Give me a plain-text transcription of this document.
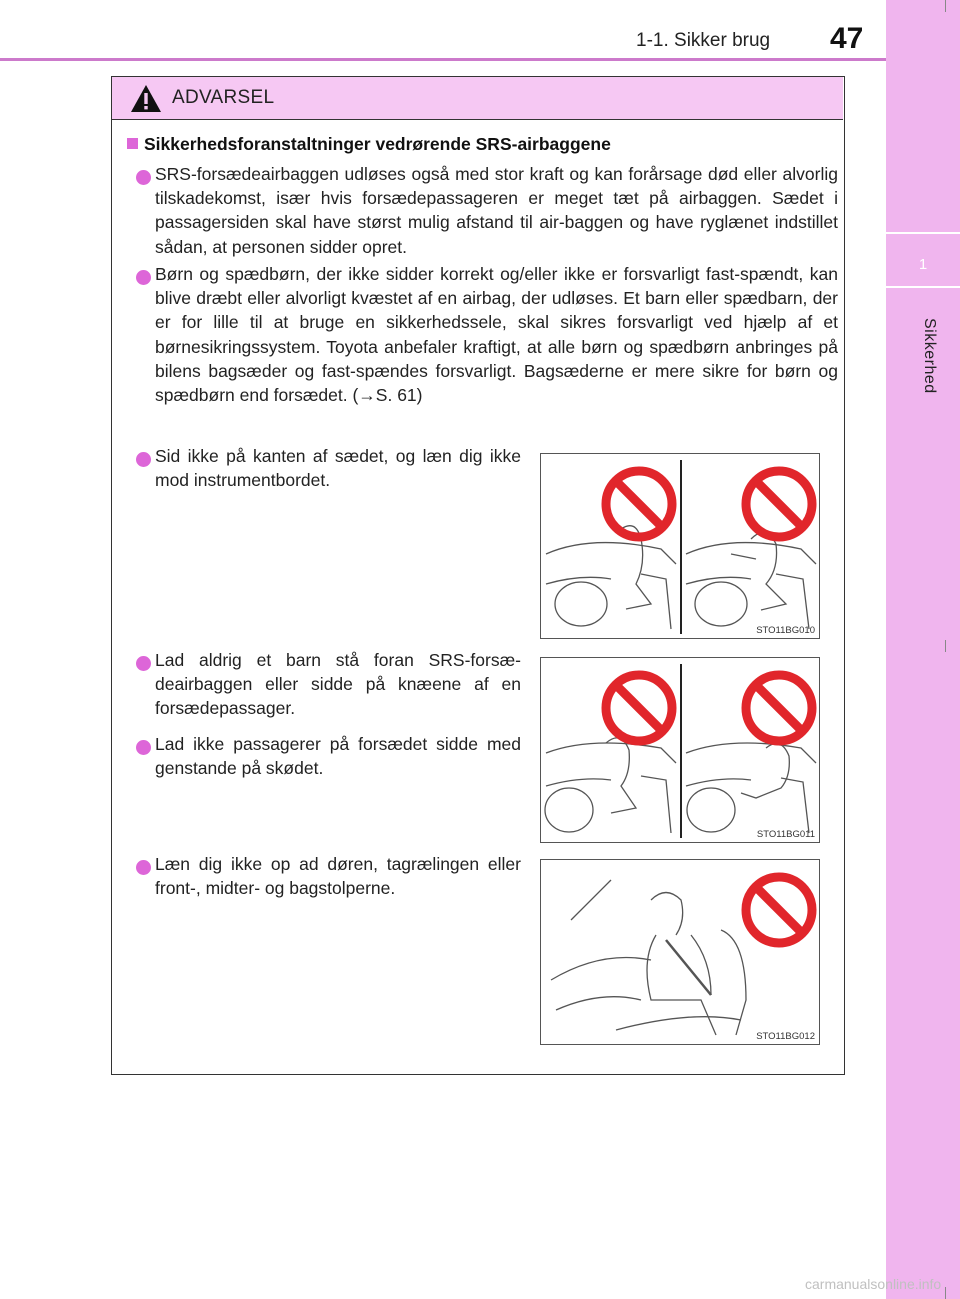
1-1. Sikker brug 47
1
Sikkerhed
ADVARSEL
Sikkerhedsforanstaltninger vedrørende SRS-airbaggene
SRS-forsædeairbaggen udløses også med stor kraft og kan forårsage død eller alvorlig tilskadekomst, især hvis forsædepassageren er meget tæt på airbaggen. Sædet i passagersiden skal have størst mulig afstand til air-baggen og have ryglænet indstillet sådan, at personen sidder opret.
Børn og spædbørn, der ikke sidder korrekt og/eller ikke er forsvarligt fast-spændt, kan blive dræbt eller alvorligt kvæstet af en airbag, der udløses. Et barn eller spædbarn, der er for lille til at bruge en sikkerhedssele, skal sikres forsvarligt ved hjælp af et børnesikringssystem. Toyota anbefaler kraftigt, at alle børn og spædbørn anbringes på bilens bagsæder og fast-spændes forsvarligt. Bagsæderne er mere sikre for børn og spædbørn end forsædet. (→S. 61)
Sid ikke på kanten af sædet, og læn dig ikke mod instrumentbordet.
Lad aldrig et barn stå foran SRS-forsæ-deairbaggen eller sidde på knæene af en forsædepassager.
Lad ikke passagerer på forsædet sidde med genstande på skødet.
Læn dig ikke op ad døren, tagrælingen eller front-, midter- og bagstolperne.
STO11BG010
STO11BG011
STO11BG012
carmanualsonline.info
